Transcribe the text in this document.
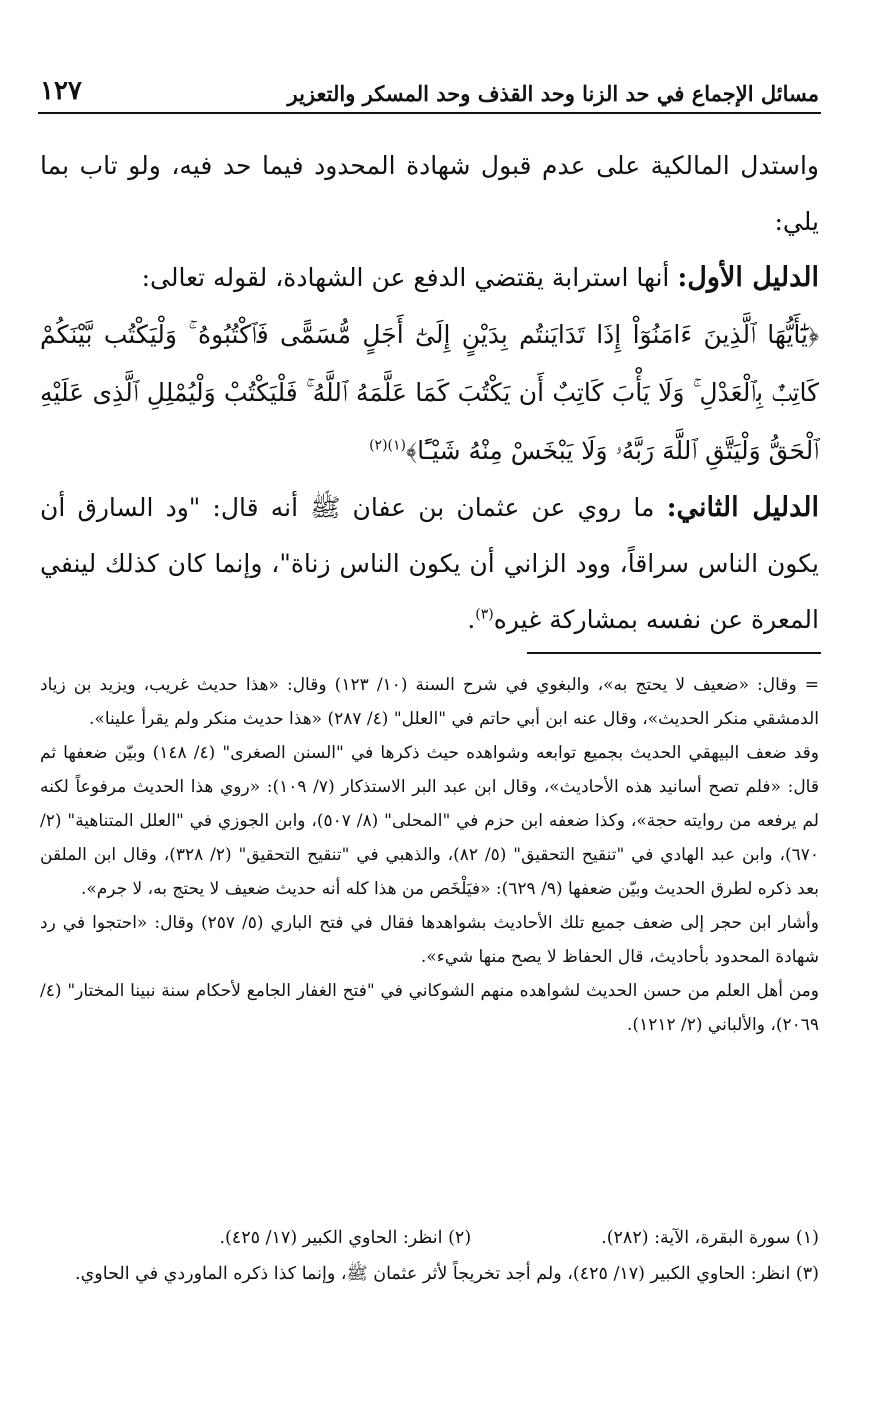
مسائل الإجماع في حد الزنا وحد القذف وحد المسكر والتعزير
١٢٧

واستدل المالكية على عدم قبول شهادة المحدود فيما حد فيه، ولو تاب بما يلي:

الدليل الأول: أنها استرابة يقتضي الدفع عن الشهادة، لقوله تعالى:

﴿يَٰٓأَيُّهَا ٱلَّذِينَ ءَامَنُوٓاْ إِذَا تَدَايَنتُم بِدَيْنٍ إِلَىٰٓ أَجَلٍ مُّسَمًّى فَٱكْتُبُوهُ ۚ وَلْيَكْتُب بَّيْنَكُمْ كَاتِبٌۢ بِٱلْعَدْلِ ۚ وَلَا يَأْبَ كَاتِبٌ أَن يَكْتُبَ كَمَا عَلَّمَهُ ٱللَّهُ ۚ فَلْيَكْتُبْ وَلْيُمْلِلِ ٱلَّذِى عَلَيْهِ ٱلْحَقُّ وَلْيَتَّقِ ٱللَّهَ رَبَّهُۥ وَلَا يَبْخَسْ مِنْهُ شَيْـًٔا﴾$^{(١)(٢)}$

الدليل الثاني: ما روي عن عثمان بن عفان ﷺ أنه قال: "ود السارق أن يكون الناس سراقاً، وود الزاني أن يكون الناس زناة"، وإنما كان كذلك لينفي المعرة عن نفسه بمشاركة غيره$^{(٣)}$.

= وقال: «ضعيف لا يحتج به»، والبغوي في شرح السنة (١٠/ ١٢٣) وقال: «هذا حديث غريب، ويزيد بن زياد الدمشقي منكر الحديث»، وقال عنه ابن أبي حاتم في "العلل" (٤/ ٢٨٧) «هذا حديث منكر ولم يقرأ علينا».

وقد ضعف البيهقي الحديث بجميع توابعه وشواهده حيث ذكرها في "السنن الصغرى" (٤/ ١٤٨) وبيّن ضعفها ثم قال: «فلم تصح أسانيد هذه الأحاديث»، وقال ابن عبد البر الاستذكار (٧/ ١٠٩): «روي هذا الحديث مرفوعاً لكنه لم يرفعه من روايته حجة»، وكذا ضعفه ابن حزم في "المحلى" (٨/ ٥٠٧)، وابن الجوزي في "العلل المتناهية" (٢/ ٦٧٠)، وابن عبد الهادي في "تنقيح التحقيق" (٥/ ٨٢)، والذهبي في "تنقيح التحقيق" (٢/ ٣٢٨)، وقال ابن الملقن بعد ذكره لطرق الحديث وبيّن ضعفها (٩/ ٦٢٩): «فيَلْخَص من هذا كله أنه حديث ضعيف لا يحتج به، لا جرم».

وأشار ابن حجر إلى ضعف جميع تلك الأحاديث بشواهدها فقال في فتح الباري (٥/ ٢٥٧) وقال: «احتجوا في رد شهادة المحدود بأحاديث، قال الحفاظ لا يصح منها شيء».

ومن أهل العلم من حسن الحديث لشواهده منهم الشوكاني في "فتح الغفار الجامع لأحكام سنة نبينا المختار" (٤/ ٢٠٦٩)، والألباني (٢/ ١٢١٢).

(١) سورة البقرة، الآية: (٢٨٢).
(٢) انظر: الحاوي الكبير (١٧/ ٤٢٥).

(٣) انظر: الحاوي الكبير (١٧/ ٤٢٥)، ولم أجد تخريجاً لأثر عثمان ﷺ، وإنما كذا ذكره الماوردي في الحاوي.
